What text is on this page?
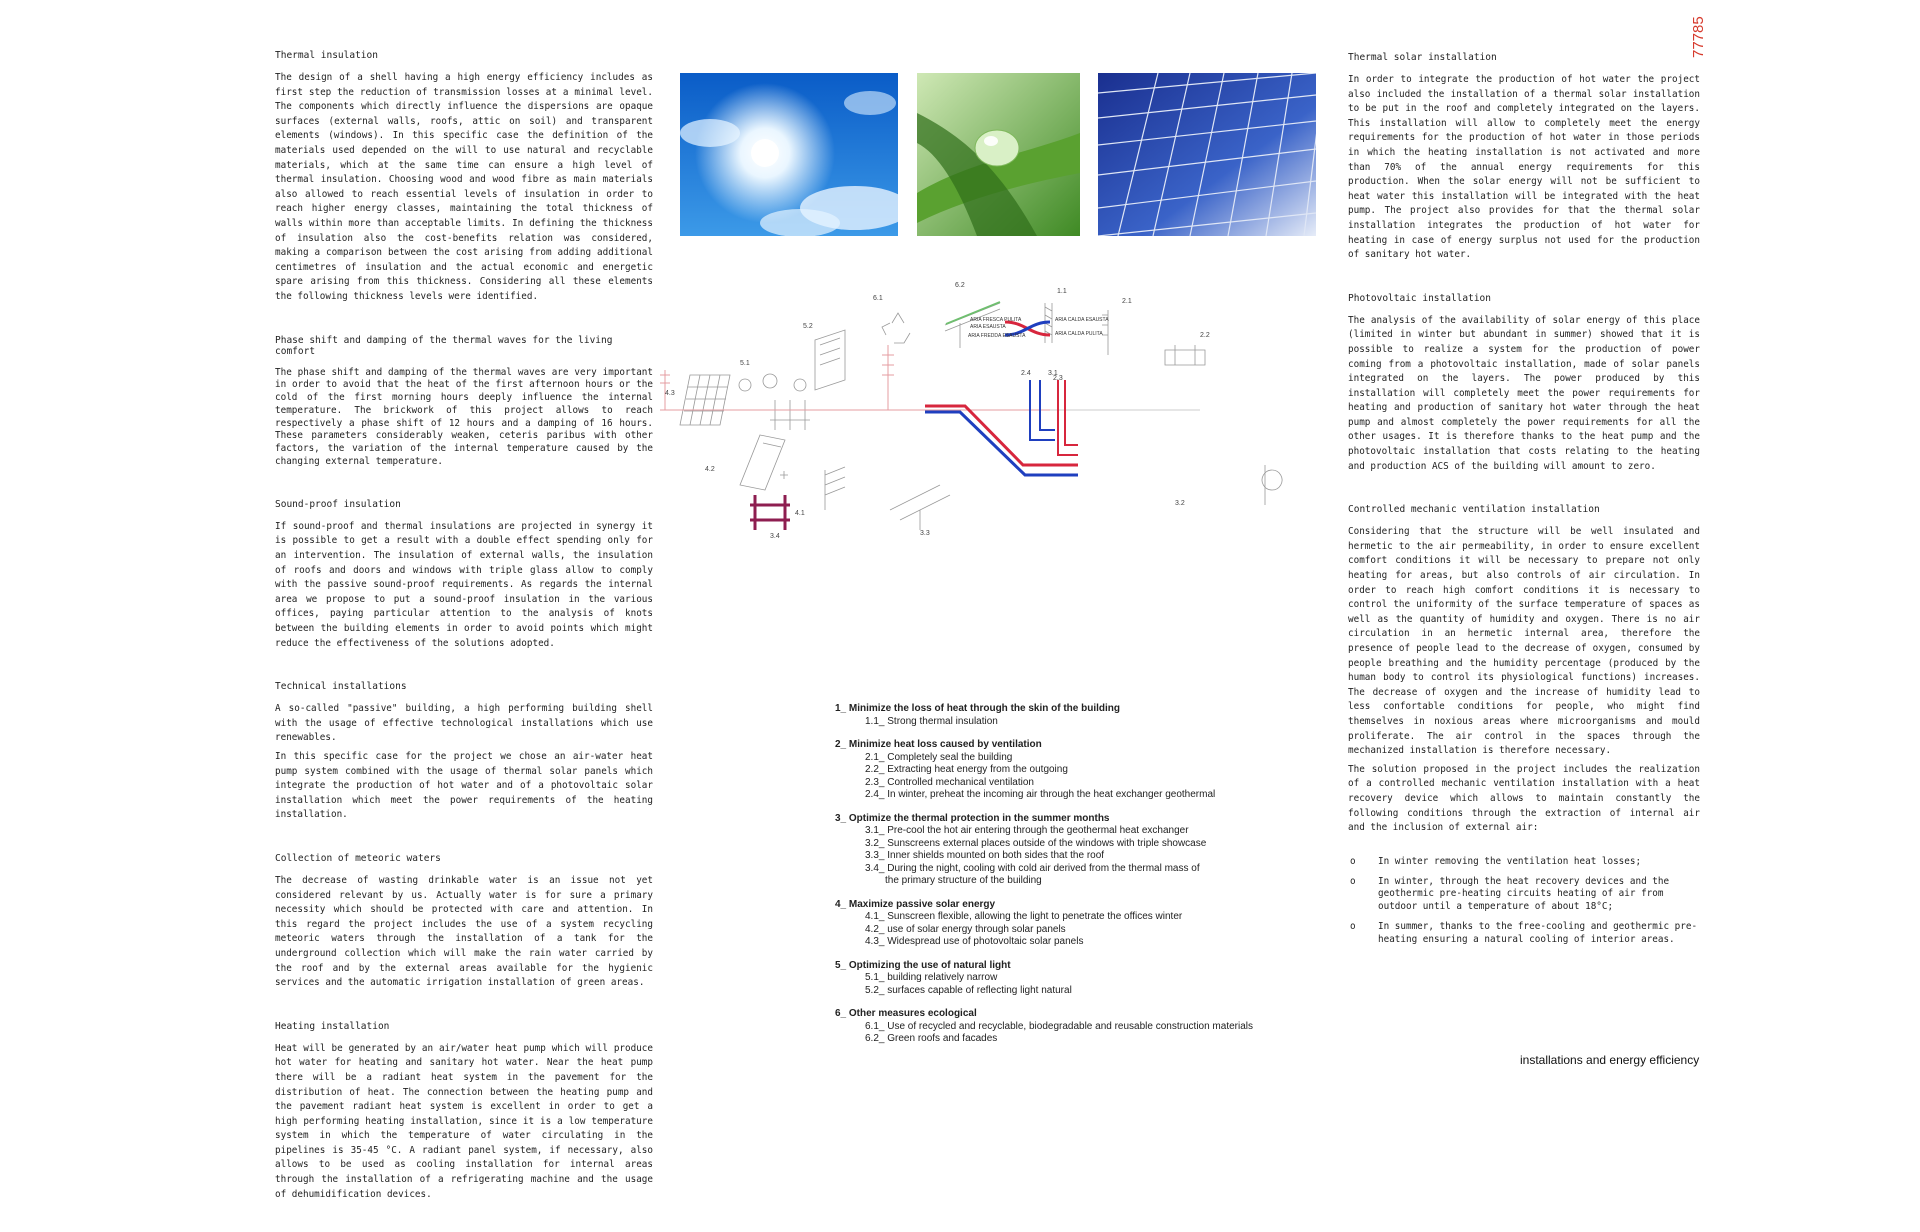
77785
Thermal insulation

The design of a shell having a high energy efficiency includes as first step the reduction of transmission losses at a minimal level. The components which directly influence the dispersions are opaque surfaces (external walls, roofs, attic on soil) and transparent elements (windows). In this specific case the definition of the materials used depended on the will to use natural and recyclable materials, which at the same time can ensure a high level of thermal insulation. Choosing wood and wood fibre as main materials also allowed to reach essential levels of insulation in order to reach higher energy classes, maintaining the total thickness of walls within more than acceptable limits. In defining the thickness of insulation also the cost-benefits relation was considered, making a comparison between the cost arising from adding additional centimetres of insulation and the actual economic and energetic spare arising from this thickness. Considering all these elements the following thickness levels were identified.

Phase shift and damping of the thermal waves for the living comfort

The phase shift and damping of the thermal waves are very important in order to avoid that the heat of the first afternoon hours or the cold of the first morning hours deeply influence the internal temperature. The brickwork of this project allows to reach respectively a phase shift of 12 hours and a damping of 16 hours. These parameters considerably weaken, ceteris paribus with other factors, the variation of the internal temperature caused by the changing external temperature.

Sound-proof insulation

If sound-proof and thermal insulations are projected in synergy it is possible to get a result with a double effect spending only for an intervention. The insulation of external walls, the insulation of roofs and doors and windows with triple glass allow to comply with the passive sound-proof requirements. As regards the internal area we propose to put a sound-proof insulation in the various offices, paying particular attention to the analysis of knots between the building elements in order to avoid points which might reduce the effectiveness of the solutions adopted.

Technical installations

A so-called "passive" building, a high performing building shell with the usage of effective technological installations which use renewables.

In this specific case for the project we chose an air-water heat pump system combined with the usage of thermal solar panels which integrate the production of hot water and of a photovoltaic solar installation which meet the power requirements of the heating installation.

Collection of meteoric waters

The decrease of wasting drinkable water is an issue not yet considered relevant by us. Actually water is for sure a primary necessity which should be protected with care and attention. In this regard the project includes the use of a system recycling meteoric waters through the installation of a tank for the underground collection which will make the rain water carried by the roof and by the external areas available for the hygienic services and the automatic irrigation installation of green areas.

Heating installation

Heat will be generated by an air/water heat pump which will produce hot water for heating and sanitary hot water. Near the heat pump there will be a radiant heat system in the pavement for the distribution of heat. The connection between the heating pump and the pavement radiant heat system is excellent in order to get a high performing heating installation, since it is a low temperature system in which the temperature of water circulating in the pipelines is 35-45 °C. A radiant panel system, if necessary, also allows to be used as cooling installation for internal areas through the installation of a refrigerating machine and the usage of dehumidification devices.

6.1
6.2
1.1
2.1
5.2
2.2
5.1
2.3
4.3
2.4 3.1
4.2
4.1
3.4	3.3
3.2
ARIA FRESCA PULITA
ARIA ESAUSTA
ARIA FREDDA ESAUSTA
ARIA CALDA ESAUSTA
ARIA CALDA PULITA
1_ Minimize the loss of heat through the skin of the building
1.1_ Strong thermal insulation
2_ Minimize heat loss caused by ventilation
2.1_ Completely seal the building
2.2_ Extracting heat energy from the outgoing
2.3_ Controlled mechanical ventilation
2.4_ In winter, preheat the incoming air through the heat exchanger geothermal
3_ Optimize the thermal protection in the summer months
3.1_ Pre-cool the hot air entering through the geothermal heat exchanger
3.2_ Sunscreens external places outside of the windows with triple showcase
3.3_ Inner shields mounted on both sides that the roof
3.4_ During the night, cooling with cold air derived from the thermal mass of
the primary structure of the building
4_ Maximize passive solar energy
4.1_ Sunscreen flexible, allowing the light to penetrate the offices winter
4.2_ use of solar energy through solar panels
4.3_ Widespread use of photovoltaic solar panels
5_ Optimizing the use of natural light
5.1_ building relatively narrow
5.2_ surfaces capable of reflecting light natural
6_ Other measures ecological
6.1_ Use of recycled and recyclable, biodegradable and reusable construction materials
6.2_ Green roofs and facades
Thermal solar installation

In order to integrate the production of hot water the project also included the installation of a thermal solar installation to be put in the roof and completely integrated on the layers. This installation will allow to completely meet the energy requirements for the production of hot water in those periods in which the heating installation is not activated and more than 70% of the annual energy requirements for this production. When the solar energy will not be sufficient to heat water this installation will be integrated with the heat pump. The project also provides for that the thermal solar installation integrates the production of hot water for heating in case of energy surplus not used for the production of sanitary hot water.

Photovoltaic installation

The analysis of the availability of solar energy of this place (limited in winter but abundant in summer) showed that it is possible to realize a system for the production of power coming from a photovoltaic installation, made of solar panels integrated on the layers. The power produced by this installation will completely meet the power requirements for heating and production of sanitary hot water through the heat pump and almost completely the power requirements for all the other usages. It is therefore thanks to the heat pump and the photovoltaic installation that costs relating to the heating and production ACS of the building will amount to zero.

Controlled mechanic ventilation installation

Considering that the structure will be well insulated and hermetic to the air permeability, in order to ensure excellent comfort conditions it will be necessary to prepare not only heating for areas, but also controls of air circulation. In order to reach high comfort conditions it is necessary to control the uniformity of the surface temperature of spaces as well as the quantity of humidity and oxygen. There is no air circulation in an hermetic internal area, therefore the presence of people lead to the decrease of oxygen, consumed by people breathing and the humidity percentage (produced by the human body to control its physiological functions) increases. The decrease of oxygen and the increase of humidity lead to less confortable conditions for people, who might find themselves in noxious areas where microorganisms and mould proliferate. The air control in the spaces through the mechanized installation is therefore necessary.

The solution proposed in the project includes the realization of a controlled mechanic ventilation installation with a heat recovery device which allows to maintain constantly the following conditions through the extraction of internal air and the inclusion of external air:

o In winter removing the ventilation heat losses;
o In winter, through the heat recovery devices and the geothermic pre-heating circuits heating of air from outdoor until a temperature of about 18°C;
o In summer, thanks to the free-cooling and geothermic pre-heating ensuring a natural cooling of interior areas.
installations and energy efficiency
